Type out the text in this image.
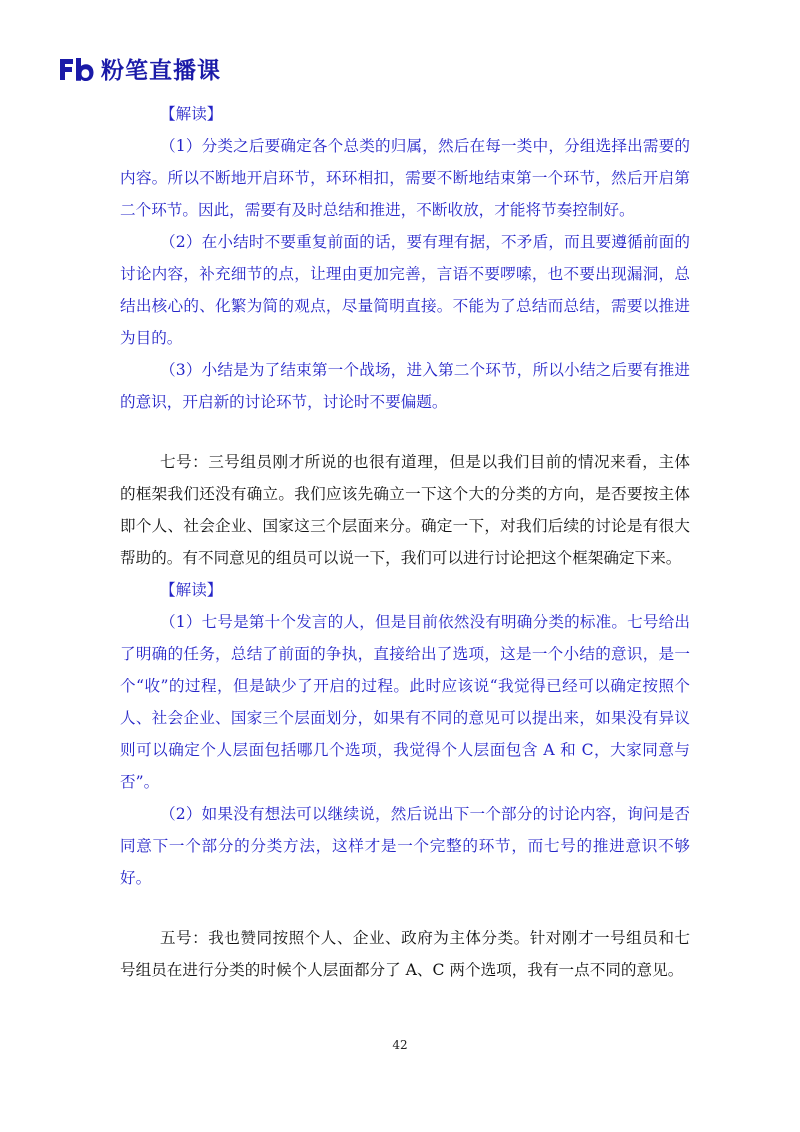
粉笔直播课

【解读】

（1）分类之后要确定各个总类的归属，然后在每一类中，分组选择出需要的内容。所以不断地开启环节，环环相扣，需要不断地结束第一个环节，然后开启第二个环节。因此，需要有及时总结和推进，不断收放，才能将节奏控制好。

（2）在小结时不要重复前面的话，要有理有据，不矛盾，而且要遵循前面的讨论内容，补充细节的点，让理由更加完善，言语不要啰嗦，也不要出现漏洞，总结出核心的、化繁为简的观点，尽量简明直接。不能为了总结而总结，需要以推进为目的。

（3）小结是为了结束第一个战场，进入第二个环节，所以小结之后要有推进的意识，开启新的讨论环节，讨论时不要偏题。

七号：三号组员刚才所说的也很有道理，但是以我们目前的情况来看，主体的框架我们还没有确立。我们应该先确立一下这个大的分类的方向，是否要按主体即个人、社会企业、国家这三个层面来分。确定一下，对我们后续的讨论是有很大帮助的。有不同意见的组员可以说一下，我们可以进行讨论把这个框架确定下来。

【解读】

（1）七号是第十个发言的人，但是目前依然没有明确分类的标准。七号给出了明确的任务，总结了前面的争执，直接给出了选项，这是一个小结的意识，是一个“收”的过程，但是缺少了开启的过程。此时应该说“我觉得已经可以确定按照个人、社会企业、国家三个层面划分，如果有不同的意见可以提出来，如果没有异议则可以确定个人层面包括哪几个选项，我觉得个人层面包含 A 和 C，大家同意与否”。

（2）如果没有想法可以继续说，然后说出下一个部分的讨论内容，询问是否同意下一个部分的分类方法，这样才是一个完整的环节，而七号的推进意识不够好。

五号：我也赞同按照个人、企业、政府为主体分类。针对刚才一号组员和七号组员在进行分类的时候个人层面都分了 A、C 两个选项，我有一点不同的意见。

42
